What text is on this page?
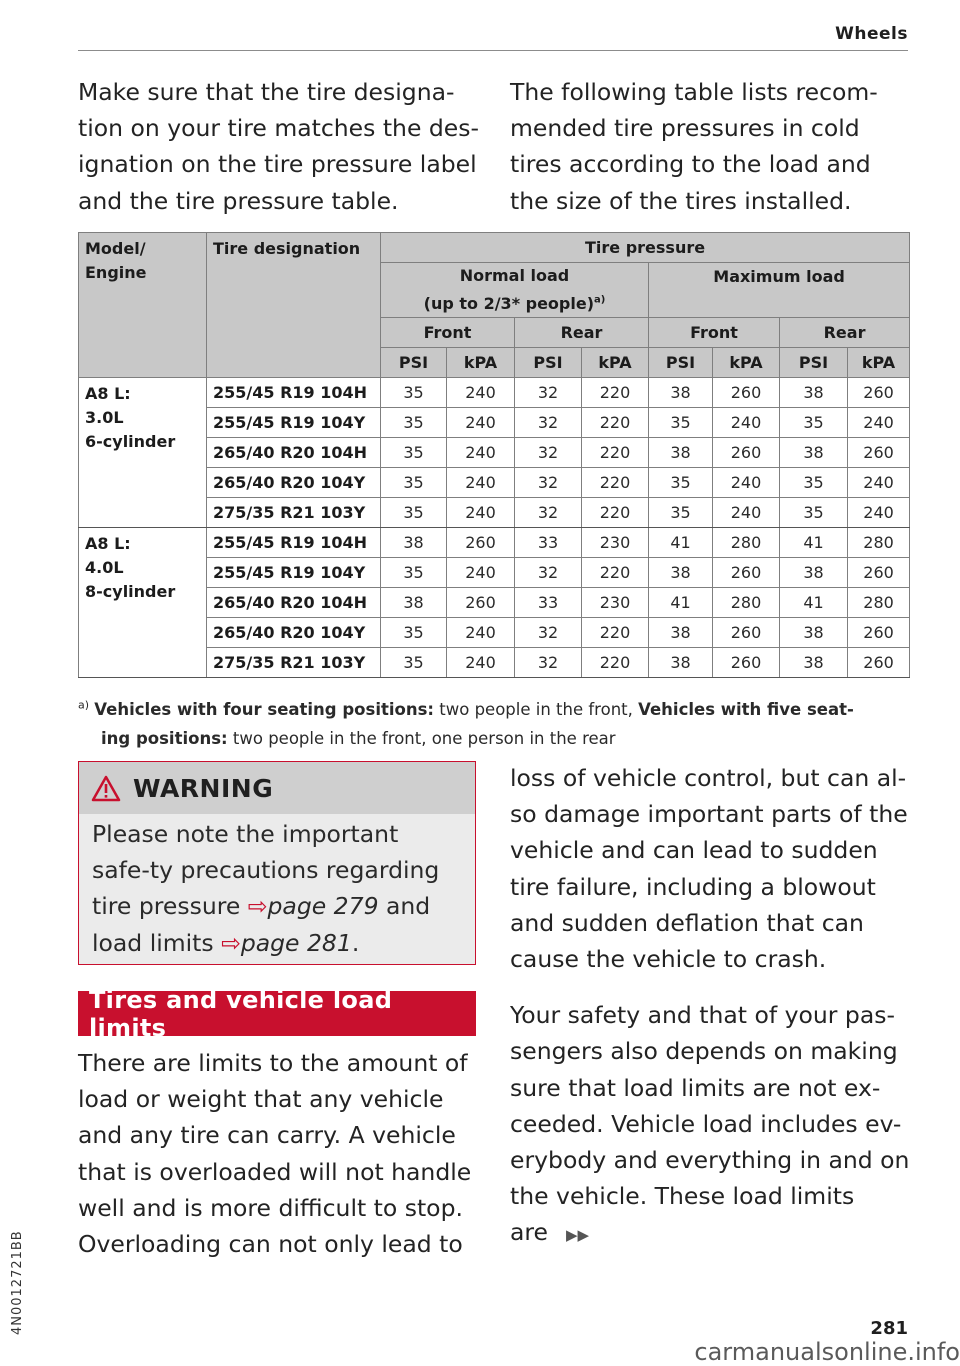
Wheels

Make sure that the tire designa-tion on your tire matches the des-ignation on the tire pressure label and the tire pressure table.

The following table lists recom-mended tire pressures in cold tires according to the load and the size of the tires installed.

Model/
Engine	Tire designation	Tire pressure							

		Normal load
(up to 2/3* people)$^{a)}$				Maximum load			
		Front		Rear		Front		Rear	
		PSI	kPA	PSI	kPA	PSI	kPA	PSI	kPA

A8 L:
3.0L
6-cylinder	255/45 R19 104H	35	240	32	220	38	260	38	260
	255/45 R19 104Y	35	240	32	220	35	240	35	240
	265/40 R20 104H	35	240	32	220	38	260	38	260
	265/40 R20 104Y	35	240	32	220	35	240	35	240
	275/35 R21 103Y	35	240	32	220	35	240	35	240

A8 L:
4.0L
8-cylinder	255/45 R19 104H	38	260	33	230	41	280	41	280
	255/45 R19 104Y	35	240	32	220	38	260	38	260
	265/40 R20 104H	38	260	33	230	41	280	41	280
	265/40 R20 104Y	35	240	32	220	38	260	38	260
	275/35 R21 103Y	35	240	32	220	38	260	38	260
$^{a)}$ Vehicles with four seating positions: two people in the front, Vehicles with five seat-
ing positions: two people in the front, one person in the rear
WARNING
Please note the important safe-ty precautions regarding tire pressure ⇨page 279 and load limits ⇨page 281.
Tires and vehicle load limits

There are limits to the amount of load or weight that any vehicle and any tire can carry. A vehicle that is overloaded will not handle well and is more difficult to stop. Overloading can not only lead to

loss of vehicle control, but can al-so damage important parts of the vehicle and can lead to sudden tire failure, including a blowout and sudden deflation that can cause the vehicle to crash.

Your safety and that of your pas-sengers also depends on making sure that load limits are not ex-ceeded. Vehicle load includes ev-erybody and everything in and on the vehicle. These load limits are ▶▶

4N0012721BB	281
carmanualsonline.info
